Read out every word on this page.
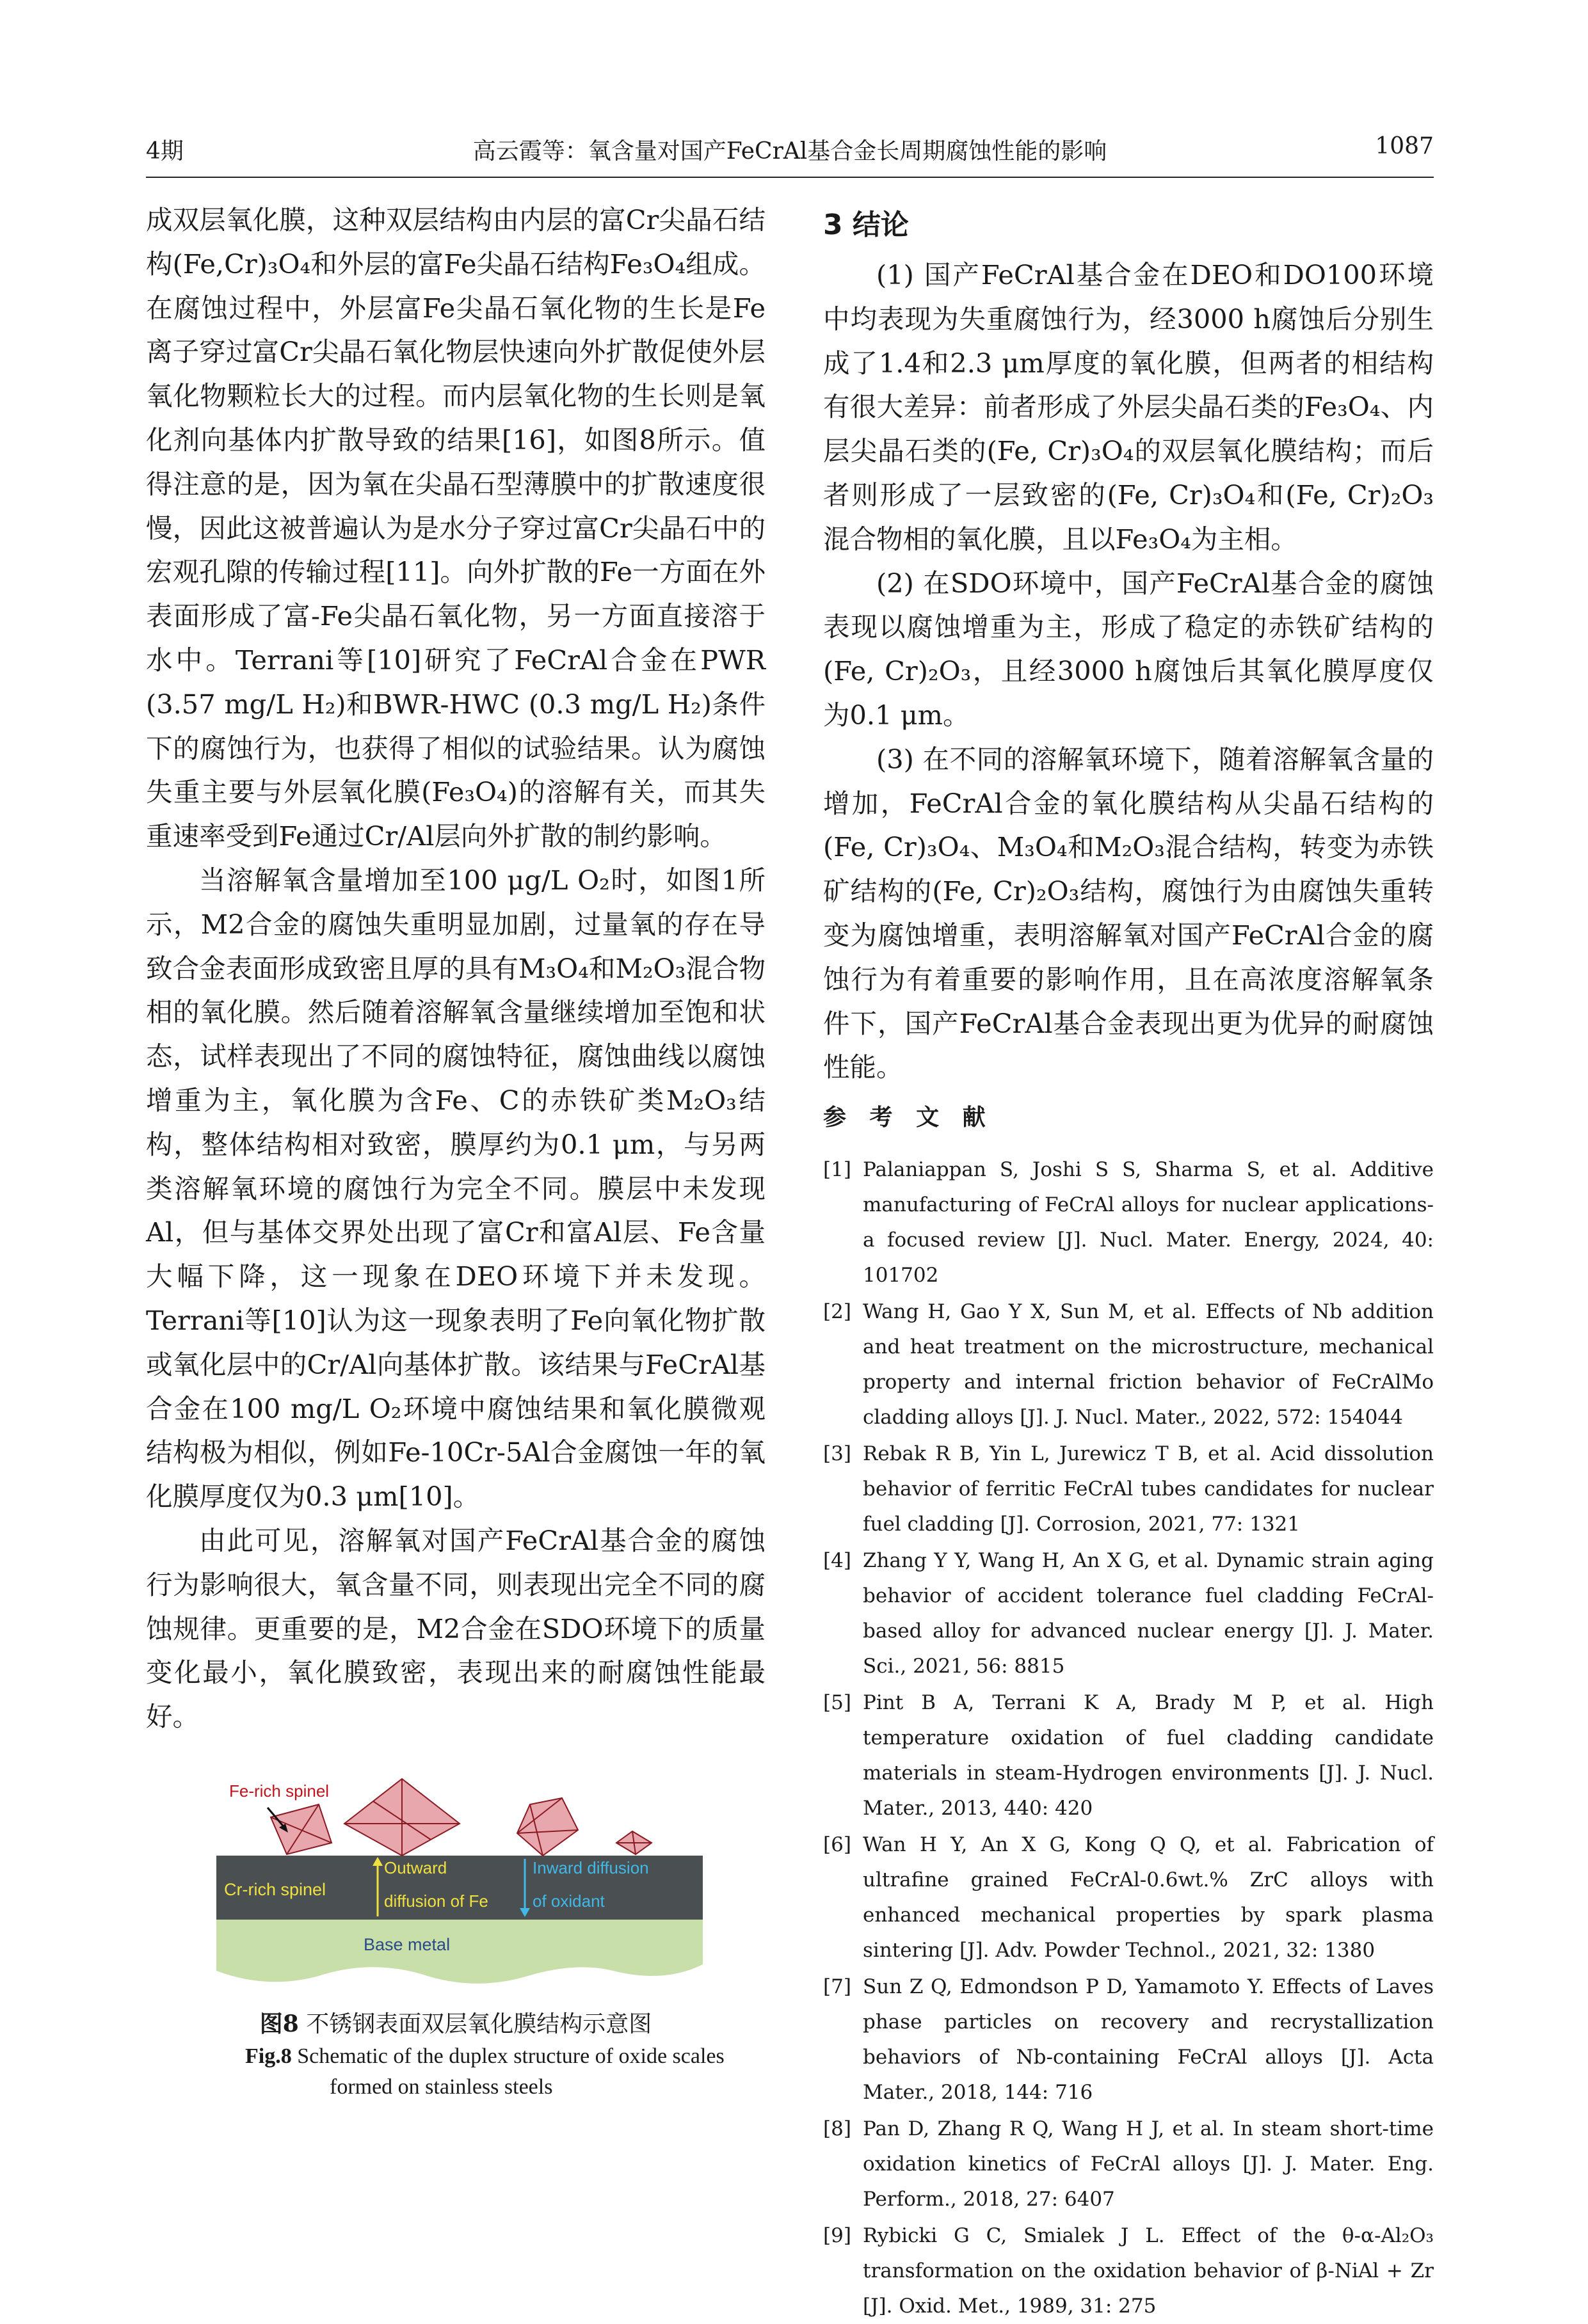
4期	高云霞等：氧含量对国产FeCrAl基合金长周期腐蚀性能的影响	1087

成双层氧化膜，这种双层结构由内层的富Cr尖晶石结构(Fe,Cr)₃O₄和外层的富Fe尖晶石结构Fe₃O₄组成。在腐蚀过程中，外层富Fe尖晶石氧化物的生长是Fe离子穿过富Cr尖晶石氧化物层快速向外扩散促使外层氧化物颗粒长大的过程。而内层氧化物的生长则是氧化剂向基体内扩散导致的结果[16]，如图8所示。值得注意的是，因为氧在尖晶石型薄膜中的扩散速度很慢，因此这被普遍认为是水分子穿过富Cr尖晶石中的宏观孔隙的传输过程[11]。向外扩散的Fe一方面在外表面形成了富-Fe尖晶石氧化物，另一方面直接溶于水中。Terrani等[10]研究了FeCrAl合金在PWR (3.57 mg/L H₂)和BWR-HWC (0.3 mg/L H₂)条件下的腐蚀行为，也获得了相似的试验结果。认为腐蚀失重主要与外层氧化膜(Fe₃O₄)的溶解有关，而其失重速率受到Fe通过Cr/Al层向外扩散的制约影响。

当溶解氧含量增加至100 μg/L O₂时，如图1所示，M2合金的腐蚀失重明显加剧，过量氧的存在导致合金表面形成致密且厚的具有M₃O₄和M₂O₃混合物相的氧化膜。然后随着溶解氧含量继续增加至饱和状态，试样表现出了不同的腐蚀特征，腐蚀曲线以腐蚀增重为主，氧化膜为含Fe、C的赤铁矿类M₂O₃结构，整体结构相对致密，膜厚约为0.1 μm，与另两类溶解氧环境的腐蚀行为完全不同。膜层中未发现Al，但与基体交界处出现了富Cr和富Al层、Fe含量大幅下降，这一现象在DEO环境下并未发现。Terrani等[10]认为这一现象表明了Fe向氧化物扩散或氧化层中的Cr/Al向基体扩散。该结果与FeCrAl基合金在100 mg/L O₂环境中腐蚀结果和氧化膜微观结构极为相似，例如Fe-10Cr-5Al合金腐蚀一年的氧化膜厚度仅为0.3 μm[10]。

由此可见，溶解氧对国产FeCrAl基合金的腐蚀行为影响很大，氧含量不同，则表现出完全不同的腐蚀规律。更重要的是，M2合金在SDO环境下的质量变化最小，氧化膜致密，表现出来的耐腐蚀性能最好。

Fe-rich spinel
Cr-rich spinel
Outward
diffusion of Fe
Inward diffusion
of oxidant
Base metal
图8 不锈钢表面双层氧化膜结构示意图
Fig.8 Schematic of the duplex structure of oxide scales
formed on stainless steels
3 结论

(1) 国产FeCrAl基合金在DEO和DO100环境中均表现为失重腐蚀行为，经3000 h腐蚀后分别生成了1.4和2.3 μm厚度的氧化膜，但两者的相结构有很大差异：前者形成了外层尖晶石类的Fe₃O₄、内层尖晶石类的(Fe, Cr)₃O₄的双层氧化膜结构；而后者则形成了一层致密的(Fe, Cr)₃O₄和(Fe, Cr)₂O₃混合物相的氧化膜，且以Fe₃O₄为主相。

(2) 在SDO环境中，国产FeCrAl基合金的腐蚀表现以腐蚀增重为主，形成了稳定的赤铁矿结构的(Fe, Cr)₂O₃，且经3000 h腐蚀后其氧化膜厚度仅为0.1 μm。

(3) 在不同的溶解氧环境下，随着溶解氧含量的增加，FeCrAl合金的氧化膜结构从尖晶石结构的(Fe, Cr)₃O₄、M₃O₄和M₂O₃混合结构，转变为赤铁矿结构的(Fe, Cr)₂O₃结构，腐蚀行为由腐蚀失重转变为腐蚀增重，表明溶解氧对国产FeCrAl合金的腐蚀行为有着重要的影响作用，且在高浓度溶解氧条件下，国产FeCrAl基合金表现出更为优异的耐腐蚀性能。

参 考 文 献
[1] Palaniappan S, Joshi S S, Sharma S, et al. Additive manufacturing of FeCrAl alloys for nuclear applications-a focused review [J]. Nucl. Mater. Energy, 2024, 40: 101702
[2] Wang H, Gao Y X, Sun M, et al. Effects of Nb addition and heat treatment on the microstructure, mechanical property and internal friction behavior of FeCrAlMo cladding alloys [J]. J. Nucl. Mater., 2022, 572: 154044
[3] Rebak R B, Yin L, Jurewicz T B, et al. Acid dissolution behavior of ferritic FeCrAl tubes candidates for nuclear fuel cladding [J]. Corrosion, 2021, 77: 1321
[4] Zhang Y Y, Wang H, An X G, et al. Dynamic strain aging behavior of accident tolerance fuel cladding FeCrAl-based alloy for advanced nuclear energy [J]. J. Mater. Sci., 2021, 56: 8815
[5] Pint B A, Terrani K A, Brady M P, et al. High temperature oxidation of fuel cladding candidate materials in steam-Hydrogen environments [J]. J. Nucl. Mater., 2013, 440: 420
[6] Wan H Y, An X G, Kong Q Q, et al. Fabrication of ultrafine grained FeCrAl-0.6wt.% ZrC alloys with enhanced mechanical properties by spark plasma sintering [J]. Adv. Powder Technol., 2021, 32: 1380
[7] Sun Z Q, Edmondson P D, Yamamoto Y. Effects of Laves phase particles on recovery and recrystallization behaviors of Nb-containing FeCrAl alloys [J]. Acta Mater., 2018, 144: 716
[8] Pan D, Zhang R Q, Wang H J, et al. In steam short-time oxidation kinetics of FeCrAl alloys [J]. J. Mater. Eng. Perform., 2018, 27: 6407
[9] Rybicki G C, Smialek J L. Effect of the θ-α-Al₂O₃ transformation on the oxidation behavior of β-NiAl + Zr [J]. Oxid. Met., 1989, 31: 275
